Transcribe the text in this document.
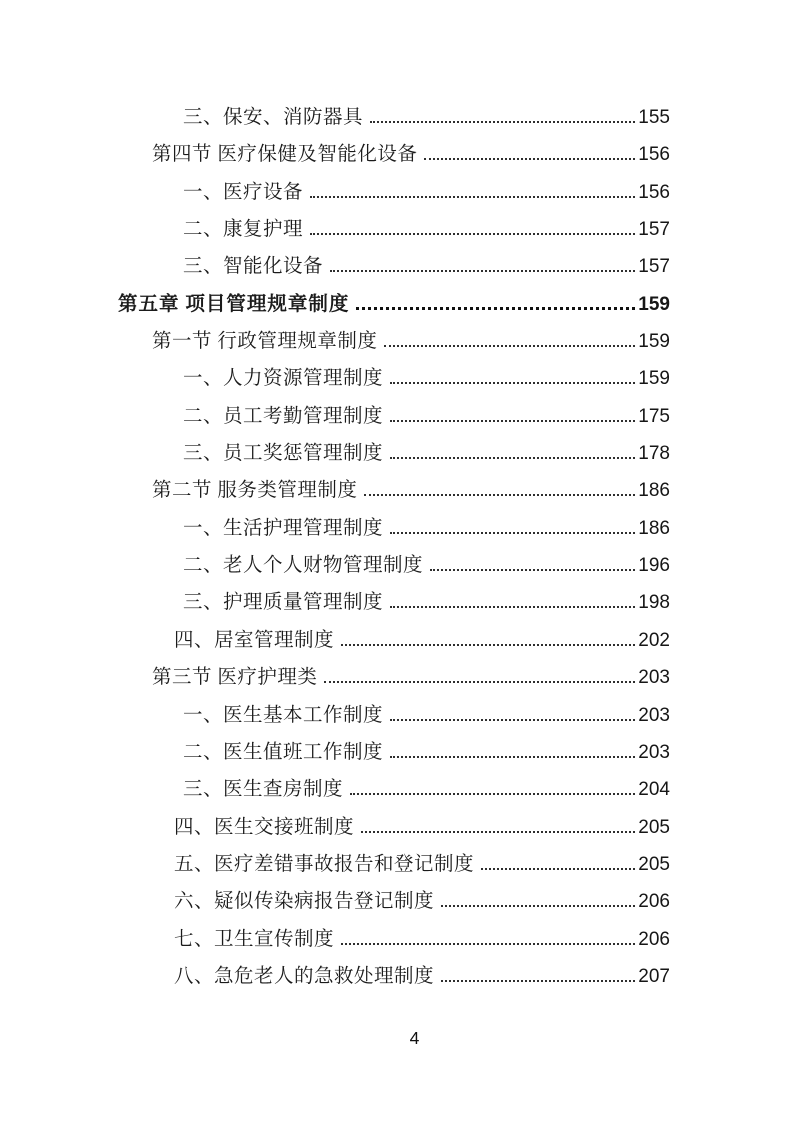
三、保安、消防器具	155
第四节 医疗保健及智能化设备	156
一、医疗设备	156
二、康复护理	157
三、智能化设备	157
第五章 项目管理规章制度	159
第一节 行政管理规章制度	159
一、人力资源管理制度	159
二、员工考勤管理制度	175
三、员工奖惩管理制度	178
第二节 服务类管理制度	186
一、生活护理管理制度	186
二、老人个人财物管理制度	196
三、护理质量管理制度	198
四、居室管理制度	202
第三节 医疗护理类	203
一、医生基本工作制度	203
二、医生值班工作制度	203
三、医生查房制度	204
四、医生交接班制度	205
五、医疗差错事故报告和登记制度	205
六、疑似传染病报告登记制度	206
七、卫生宣传制度	206
八、急危老人的急救处理制度	207
4
